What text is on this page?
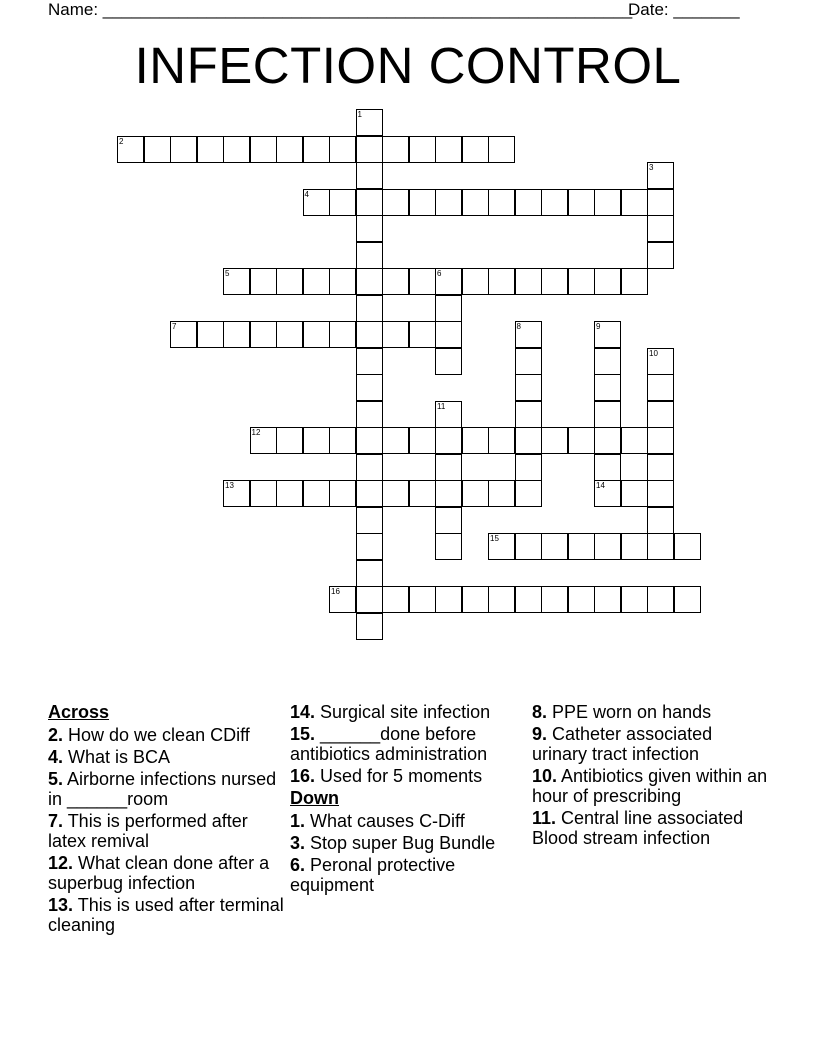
Name: ________________________________________________________
Date: _______
INFECTION CONTROL
1
2
3
4
5	6
7	8	9
10
11
12
13	14
15
16
Across
2. How do we clean CDiff
4. What is BCA
5. Airborne infections nursed in ______room
7. This is performed after latex remival
12. What clean done after a superbug infection
13. This is used after terminal cleaning
14. Surgical site infection
15. ______done before antibiotics administration
16. Used for 5 moments
Down
1. What causes C-Diff
3. Stop super Bug Bundle
6. Peronal protective equipment
8. PPE worn on hands
9. Catheter associated urinary tract infection
10. Antibiotics given within an hour of prescribing
11. Central line associated Blood stream infection
